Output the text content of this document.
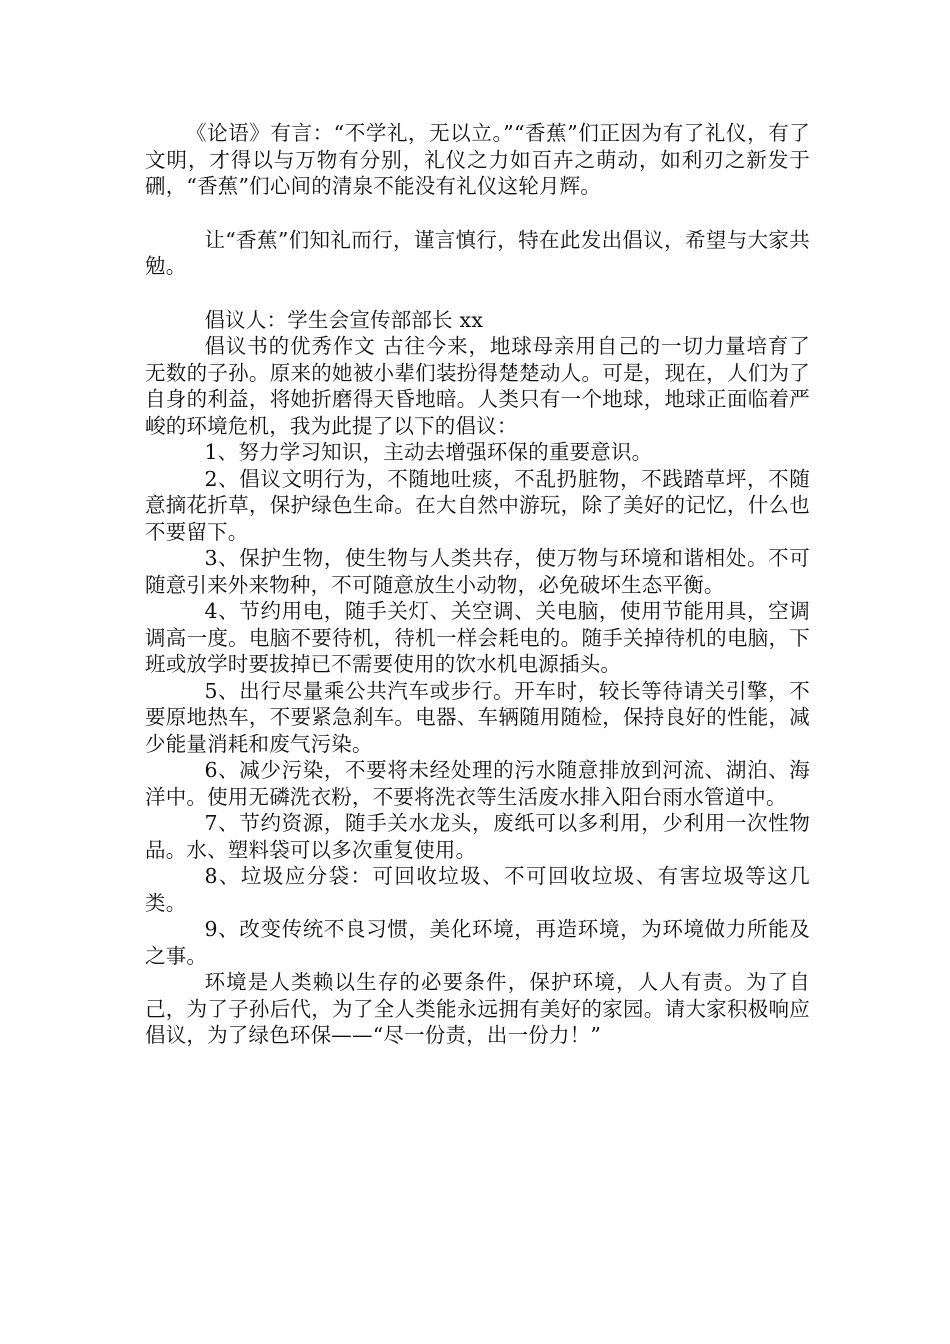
《论语》有言：“不学礼，无以立。”“香蕉”们正因为有了礼仪，有了文明，才得以与万物有分别，礼仪之力如百卉之萌动，如利刃之新发于硎，“香蕉”们心间的清泉不能没有礼仪这轮月辉。

让“香蕉”们知礼而行，谨言慎行，特在此发出倡议，希望与大家共勉。

倡议人：学生会宣传部部长 xx

倡议书的优秀作文 古往今来，地球母亲用自己的一切力量培育了无数的子孙。原来的她被小辈们装扮得楚楚动人。可是，现在，人们为了自身的利益，将她折磨得天昏地暗。人类只有一个地球，地球正面临着严峻的环境危机，我为此提了以下的倡议：

1、努力学习知识，主动去增强环保的重要意识。

2、倡议文明行为，不随地吐痰，不乱扔脏物，不践踏草坪，不随意摘花折草，保护绿色生命。在大自然中游玩，除了美好的记忆，什么也不要留下。

3、保护生物，使生物与人类共存，使万物与环境和谐相处。不可随意引来外来物种，不可随意放生小动物，必免破坏生态平衡。

4、节约用电，随手关灯、关空调、关电脑，使用节能用具，空调调高一度。电脑不要待机，待机一样会耗电的。随手关掉待机的电脑，下班或放学时要拔掉已不需要使用的饮水机电源插头。

5、出行尽量乘公共汽车或步行。开车时，较长等待请关引擎，不要原地热车，不要紧急刹车。电器、车辆随用随检，保持良好的性能，减少能量消耗和废气污染。

6、减少污染，不要将未经处理的污水随意排放到河流、湖泊、海洋中。使用无磷洗衣粉，不要将洗衣等生活废水排入阳台雨水管道中。

7、节约资源，随手关水龙头，废纸可以多利用，少利用一次性物品。水、塑料袋可以多次重复使用。

8、垃圾应分袋：可回收垃圾、不可回收垃圾、有害垃圾等这几类。

9、改变传统不良习惯，美化环境，再造环境，为环境做力所能及之事。

环境是人类赖以生存的必要条件，保护环境，人人有责。为了自己，为了子孙后代，为了全人类能永远拥有美好的家园。请大家积极响应倡议，为了绿色环保——“尽一份责，出一份力！”
